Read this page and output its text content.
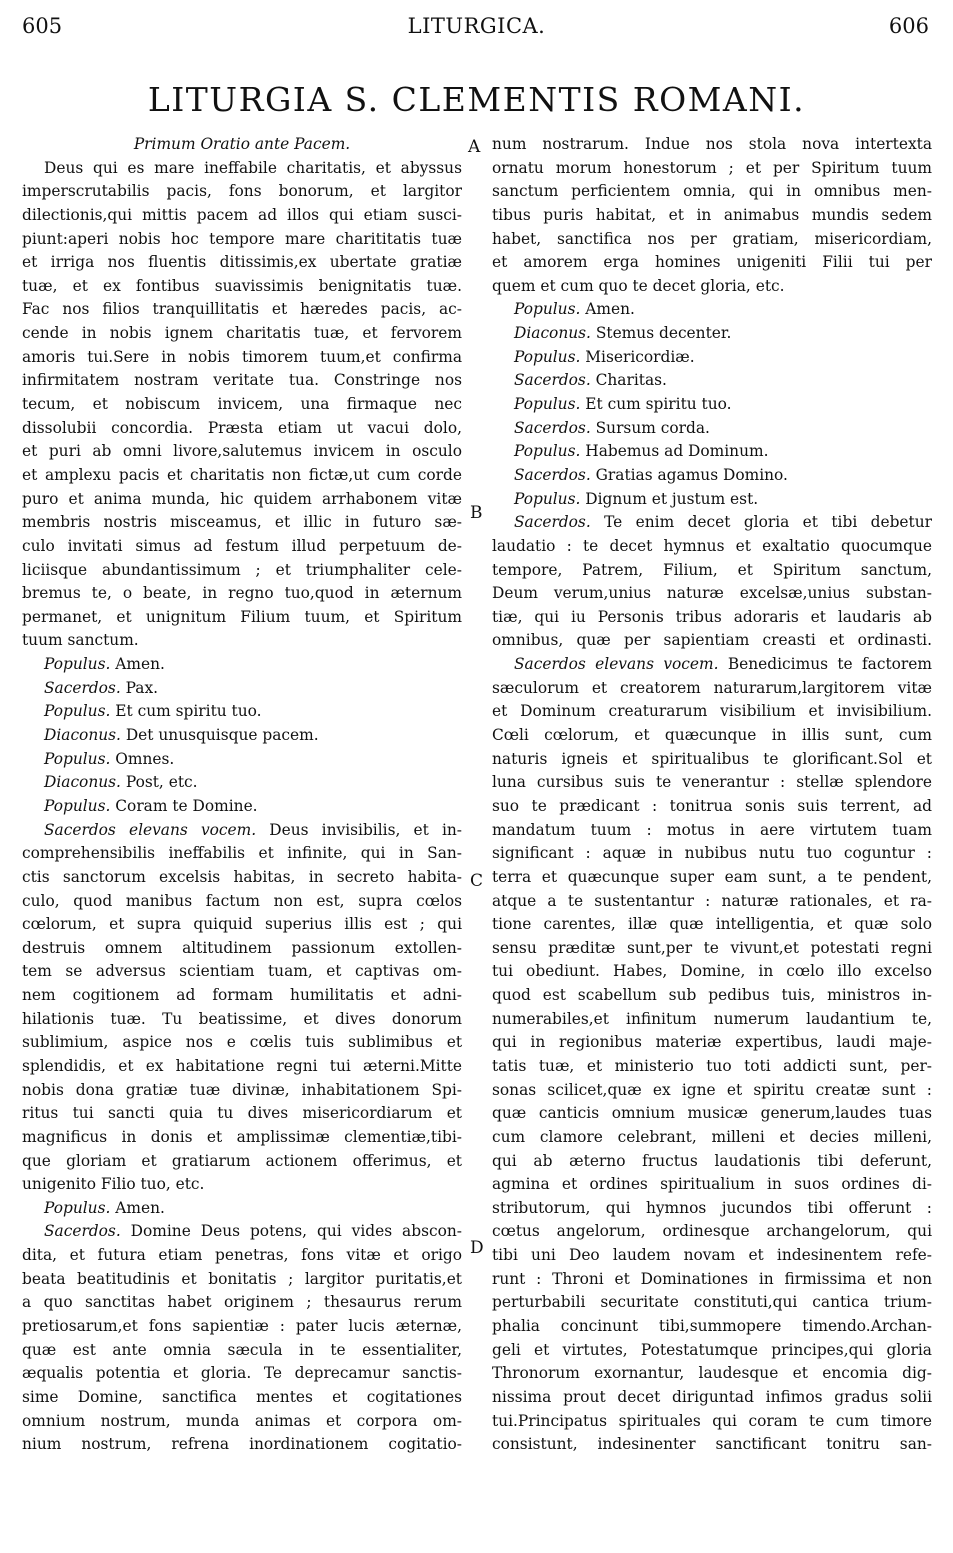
605	LITURGICA.	606
LITURGIA S. CLEMENTIS ROMANI.
Primum Oratio ante Pacem.
Deus qui es mare ineffabile charitatis, et abyssus
imperscrutabilis pacis, fons bonorum, et largitor
dilectionis,qui mittis pacem ad illos qui etiam susci-
piunt:aperi nobis hoc tempore mare charititatis tuæ
et irriga nos fluentis ditissimis,ex ubertate gratiæ
tuæ, et ex fontibus suavissimis benignitatis tuæ.
Fac nos filios tranquillitatis et hæredes pacis, ac-
cende in nobis ignem charitatis tuæ, et fervorem
amoris tui.Sere in nobis timorem tuum,et confirma
infirmitatem nostram veritate tua. Constringe nos
tecum, et nobiscum invicem, una firmaque nec
dissolubii concordia. Præsta etiam ut vacui dolo,
et puri ab omni livore,salutemus invicem in osculo
et amplexu pacis et charitatis non fictæ,ut cum corde
puro et anima munda, hic quidem arrhabonem vitæ
membris nostris misceamus, et illic in futuro sæ-
culo invitati simus ad festum illud perpetuum de-
liciisque abundantissimum ; et triumphaliter cele-
bremus te, o beate, in regno tuo,quod in æternum
permanet, et unignitum Filium tuum, et Spiritum
tuum sanctum.
Populus. Amen.
Sacerdos. Pax.
Populus. Et cum spiritu tuo.
Diaconus. Det unusquisque pacem.
Populus. Omnes.
Diaconus. Post, etc.
Populus. Coram te Domine.
Sacerdos elevans vocem. Deus invisibilis, et in-
comprehensibilis ineffabilis et infinite, qui in San-
ctis sanctorum excelsis habitas, in secreto habita-
culo, quod manibus factum non est, supra cœlos
cœlorum, et supra quiquid superius illis est ; qui
destruis omnem altitudinem passionum extollen-
tem se adversus scientiam tuam, et captivas om-
nem cogitionem ad formam humilitatis et adni-
hilationis tuæ. Tu beatissime, et dives donorum
sublimium, aspice nos e cœlis tuis sublimibus et
splendidis, et ex habitatione regni tui æterni.Mitte
nobis dona gratiæ tuæ divinæ, inhabitationem Spi-
ritus tui sancti quia tu dives misericordiarum et
magnificus in donis et amplissimæ clementiæ,tibi-
que gloriam et gratiarum actionem offerimus, et
unigenito Filio tuo, etc.
Populus. Amen.
Sacerdos. Domine Deus potens, qui vides abscon-
dita, et futura etiam penetras, fons vitæ et origo
beata beatitudinis et bonitatis ; largitor puritatis,et
a quo sanctitas habet originem ; thesaurus rerum
pretiosarum,et fons sapientiæ : pater lucis æternæ,
quæ est ante omnia sæcula in te essentialiter,
æqualis potentia et gloria. Te deprecamur sanctis-
sime Domine, sanctifica mentes et cogitationes
omnium nostrum, munda animas et corpora om-
nium nostrum, refrena inordinationem cogitatio-
num nostrarum. Indue nos stola nova intertexta
ornatu morum honestorum ; et per Spiritum tuum
sanctum perficientem omnia, qui in omnibus men-
tibus puris habitat, et in animabus mundis sedem
habet, sanctifica nos per gratiam, misericordiam,
et amorem erga homines unigeniti Filii tui per
quem et cum quo te decet gloria, etc.
Populus. Amen.
Diaconus. Stemus decenter.
Populus. Misericordiæ.
Sacerdos. Charitas.
Populus. Et cum spiritu tuo.
Sacerdos. Sursum corda.
Populus. Habemus ad Dominum.
Sacerdos. Gratias agamus Domino.
Populus. Dignum et justum est.
Sacerdos. Te enim decet gloria et tibi debetur
laudatio : te decet hymnus et exaltatio quocumque
tempore, Patrem, Filium, et Spiritum sanctum,
Deum verum,unius naturæ excelsæ,unius substan-
tiæ, qui iu Personis tribus adoraris et laudaris ab
omnibus, quæ per sapientiam creasti et ordinasti.
Sacerdos elevans vocem. Benedicimus te factorem
sæculorum et creatorem naturarum,largitorem vitæ
et Dominum creaturarum visibilium et invisibilium.
Cœli cœlorum, et quæcunque in illis sunt, cum
naturis igneis et spiritualibus te glorificant.Sol et
luna cursibus suis te venerantur : stellæ splendore
suo te prædicant : tonitrua sonis suis terrent, ad
mandatum tuum : motus in aere virtutem tuam
significant : aquæ in nubibus nutu tuo coguntur :
terra et quæcunque super eam sunt, a te pendent,
atque a te sustentantur : naturæ rationales, et ra-
tione carentes, illæ quæ intelligentia, et quæ solo
sensu præditæ sunt,per te vivunt,et potestati regni
tui obediunt. Habes, Domine, in cœlo illo excelso
quod est scabellum sub pedibus tuis, ministros in-
numerabiles,et infinitum numerum laudantium te,
qui in regionibus materiæ expertibus, laudi maje-
tatis tuæ, et ministerio tuo toti addicti sunt, per-
sonas scilicet,quæ ex igne et spiritu creatæ sunt :
quæ canticis omnium musicæ generum,laudes tuas
cum clamore celebrant, milleni et decies milleni,
qui ab æterno fructus laudationis tibi deferunt,
agmina et ordines spiritualium in suos ordines di-
stributorum, qui hymnos jucundos tibi offerunt :
cœtus angelorum, ordinesque archangelorum, qui
tibi uni Deo laudem novam et indesinentem refe-
runt : Throni et Dominationes in firmissima et non
perturbabili securitate constituti,qui cantica trium-
phalia concinunt tibi,summopere timendo.Archan-
geli et virtutes, Potestatumque principes,qui gloria
Thronorum exornantur, laudesque et encomia dig-
nissima prout decet diriguntad infimos gradus solii
tui.Principatus spirituales qui coram te cum timore
consistunt, indesinenter sanctificant tonitru san-
A
B
C
D
